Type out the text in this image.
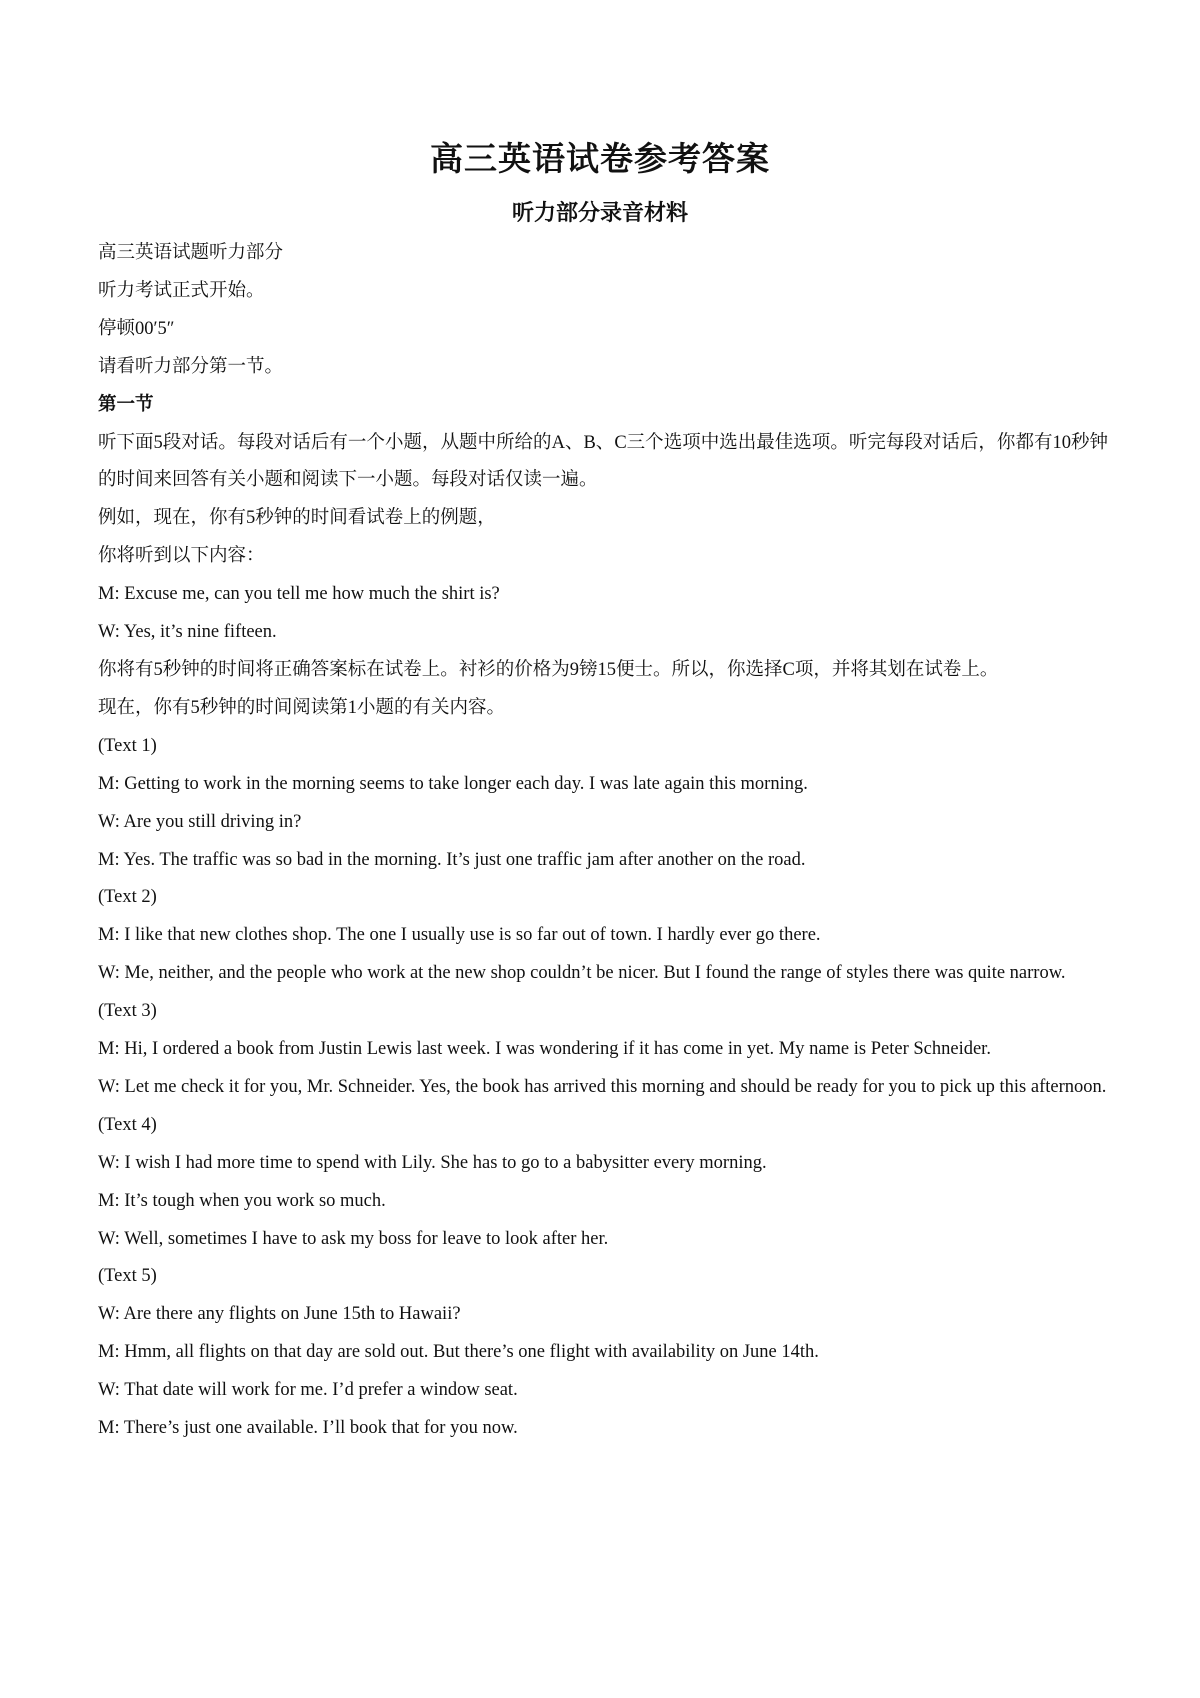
高三英语试卷参考答案
听力部分录音材料

高三英语试题听力部分

听力考试正式开始。

停顿00′5″

请看听力部分第一节。

第一节

听下面5段对话。每段对话后有一个小题，从题中所给的A、B、C三个选项中选出最佳选项。听完每段对话后，你都有10秒钟的时间来回答有关小题和阅读下一小题。每段对话仅读一遍。

例如，现在，你有5秒钟的时间看试卷上的例题，

你将听到以下内容：

M: Excuse me, can you tell me how much the shirt is?

W: Yes, it’s nine fifteen.

你将有5秒钟的时间将正确答案标在试卷上。衬衫的价格为9镑15便士。所以，你选择C项，并将其划在试卷上。

现在，你有5秒钟的时间阅读第1小题的有关内容。

(Text 1)

M: Getting to work in the morning seems to take longer each day. I was late again this morning.

W: Are you still driving in?

M: Yes. The traffic was so bad in the morning. It’s just one traffic jam after another on the road.

(Text 2)

M: I like that new clothes shop. The one I usually use is so far out of town. I hardly ever go there.

W: Me, neither, and the people who work at the new shop couldn’t be nicer. But I found the range of styles there was quite narrow.

(Text 3)

M: Hi, I ordered a book from Justin Lewis last week. I was wondering if it has come in yet. My name is Peter Schneider.

W: Let me check it for you, Mr. Schneider. Yes, the book has arrived this morning and should be ready for you to pick up this afternoon.

(Text 4)

W: I wish I had more time to spend with Lily. She has to go to a babysitter every morning.

M: It’s tough when you work so much.

W: Well, sometimes I have to ask my boss for leave to look after her.

(Text 5)

W: Are there any flights on June 15th to Hawaii?

M: Hmm, all flights on that day are sold out. But there’s one flight with availability on June 14th.

W: That date will work for me. I’d prefer a window seat.

M: There’s just one available. I’ll book that for you now.
